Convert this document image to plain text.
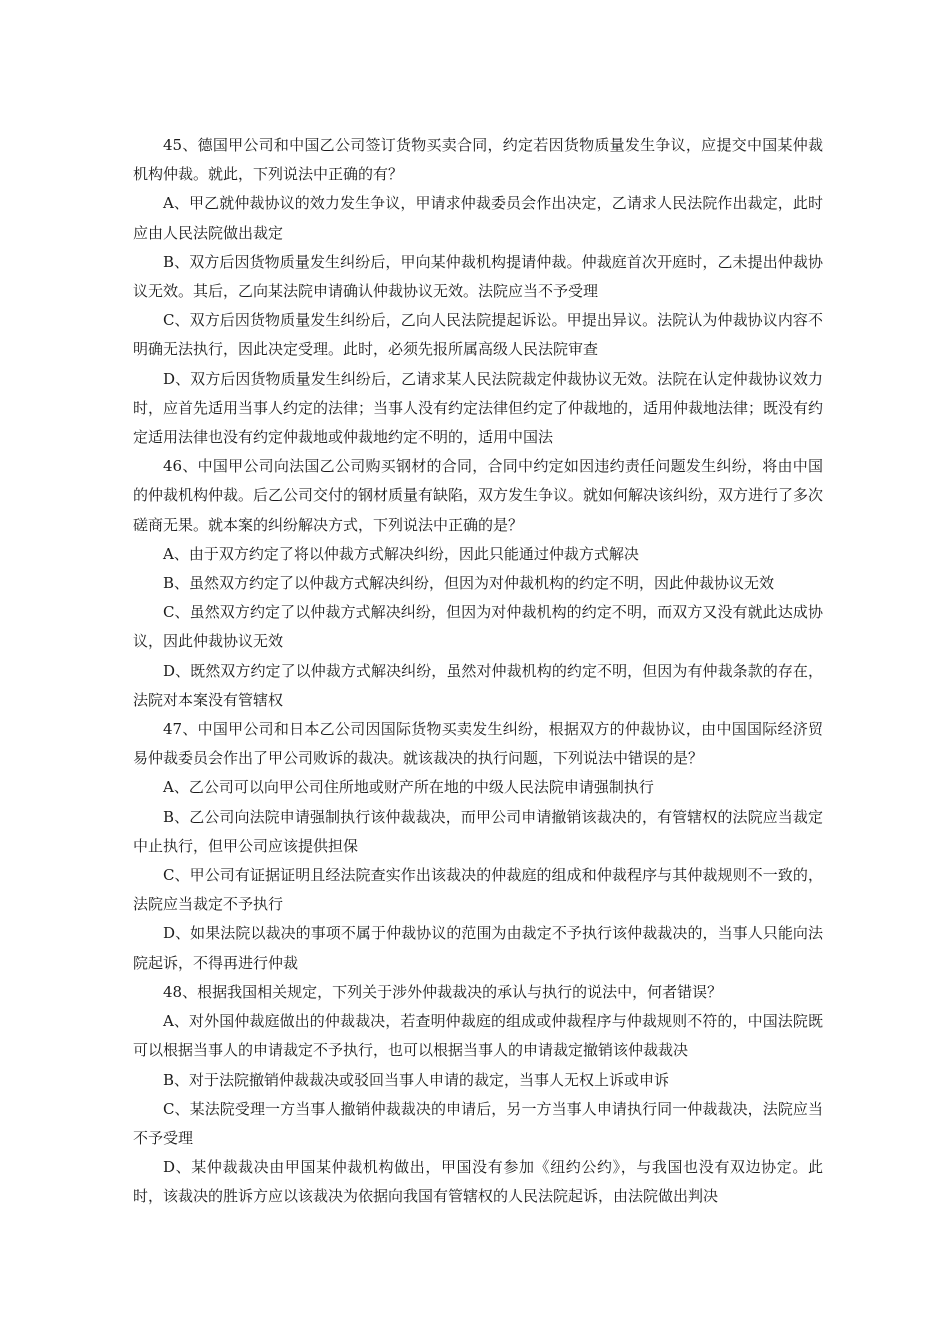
45、德国甲公司和中国乙公司签订货物买卖合同，约定若因货物质量发生争议，应提交中国某仲裁机构仲裁。就此，下列说法中正确的有？

A、甲乙就仲裁协议的效力发生争议，甲请求仲裁委员会作出决定，乙请求人民法院作出裁定，此时应由人民法院做出裁定

B、双方后因货物质量发生纠纷后，甲向某仲裁机构提请仲裁。仲裁庭首次开庭时，乙未提出仲裁协议无效。其后，乙向某法院申请确认仲裁协议无效。法院应当不予受理

C、双方后因货物质量发生纠纷后，乙向人民法院提起诉讼。甲提出异议。法院认为仲裁协议内容不明确无法执行，因此决定受理。此时，必须先报所属高级人民法院审查

D、双方后因货物质量发生纠纷后，乙请求某人民法院裁定仲裁协议无效。法院在认定仲裁协议效力时，应首先适用当事人约定的法律；当事人没有约定法律但约定了仲裁地的，适用仲裁地法律；既没有约定适用法律也没有约定仲裁地或仲裁地约定不明的，适用中国法

46、中国甲公司向法国乙公司购买钢材的合同，合同中约定如因违约责任问题发生纠纷，将由中国的仲裁机构仲裁。后乙公司交付的钢材质量有缺陷，双方发生争议。就如何解决该纠纷，双方进行了多次磋商无果。就本案的纠纷解决方式，下列说法中正确的是？

A、由于双方约定了将以仲裁方式解决纠纷，因此只能通过仲裁方式解决

B、虽然双方约定了以仲裁方式解决纠纷，但因为对仲裁机构的约定不明，因此仲裁协议无效

C、虽然双方约定了以仲裁方式解决纠纷，但因为对仲裁机构的约定不明，而双方又没有就此达成协议，因此仲裁协议无效

D、既然双方约定了以仲裁方式解决纠纷，虽然对仲裁机构的约定不明，但因为有仲裁条款的存在，法院对本案没有管辖权

47、中国甲公司和日本乙公司因国际货物买卖发生纠纷，根据双方的仲裁协议，由中国国际经济贸易仲裁委员会作出了甲公司败诉的裁决。就该裁决的执行问题，下列说法中错误的是？

A、乙公司可以向甲公司住所地或财产所在地的中级人民法院申请强制执行

B、乙公司向法院申请强制执行该仲裁裁决，而甲公司申请撤销该裁决的，有管辖权的法院应当裁定中止执行，但甲公司应该提供担保

C、甲公司有证据证明且经法院查实作出该裁决的仲裁庭的组成和仲裁程序与其仲裁规则不一致的，法院应当裁定不予执行

D、如果法院以裁决的事项不属于仲裁协议的范围为由裁定不予执行该仲裁裁决的，当事人只能向法院起诉，不得再进行仲裁

48、根据我国相关规定，下列关于涉外仲裁裁决的承认与执行的说法中，何者错误？

A、对外国仲裁庭做出的仲裁裁决，若查明仲裁庭的组成或仲裁程序与仲裁规则不符的，中国法院既可以根据当事人的申请裁定不予执行，也可以根据当事人的申请裁定撤销该仲裁裁决

B、对于法院撤销仲裁裁决或驳回当事人申请的裁定，当事人无权上诉或申诉

C、某法院受理一方当事人撤销仲裁裁决的申请后，另一方当事人申请执行同一仲裁裁决，法院应当不予受理

D、某仲裁裁决由甲国某仲裁机构做出，甲国没有参加《纽约公约》，与我国也没有双边协定。此时，该裁决的胜诉方应以该裁决为依据向我国有管辖权的人民法院起诉，由法院做出判决
